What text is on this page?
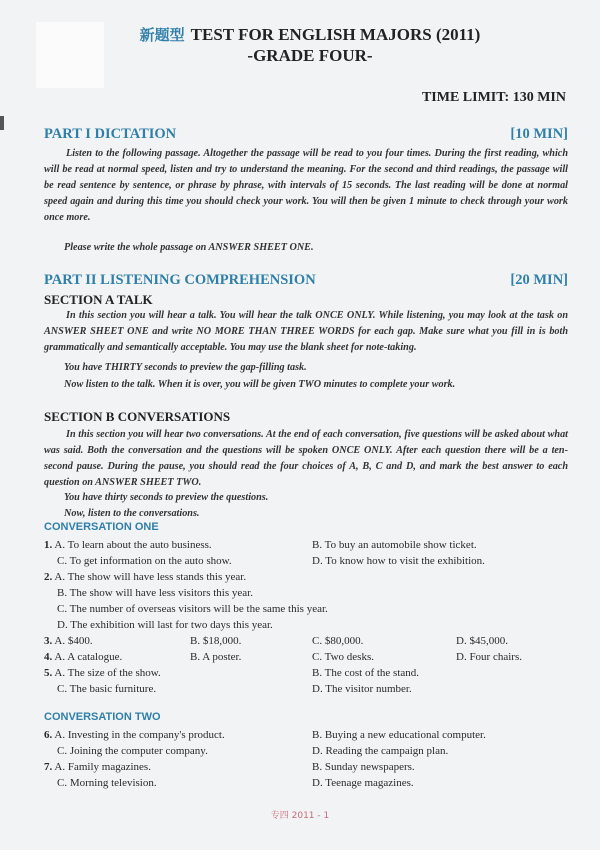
新题型 TEST FOR ENGLISH MAJORS (2011)
-GRADE FOUR-
TIME LIMIT: 130 MIN
PART I DICTATION	[10 MIN]

Listen to the following passage. Altogether the passage will be read to you four times. During the first reading, which will be read at normal speed, listen and try to understand the meaning. For the second and third readings, the passage will be read sentence by sentence, or phrase by phrase, with intervals of 15 seconds. The last reading will be done at normal speed again and during this time you should check your work. You will then be given 1 minute to check through your work once more.

Please write the whole passage on ANSWER SHEET ONE.
PART II LISTENING COMPREHENSION	[20 MIN]
SECTION A TALK

In this section you will hear a talk. You will hear the talk ONCE ONLY. While listening, you may look at the task on ANSWER SHEET ONE and write NO MORE THAN THREE WORDS for each gap. Make sure what you fill in is both grammatically and semantically acceptable. You may use the blank sheet for note-taking.

You have THIRTY seconds to preview the gap-filling task.
Now listen to the talk. When it is over, you will be given TWO minutes to complete your work.
SECTION B CONVERSATIONS

In this section you will hear two conversations. At the end of each conversation, five questions will be asked about what was said. Both the conversation and the questions will be spoken ONCE ONLY. After each question there will be a ten-second pause. During the pause, you should read the four choices of A, B, C and D, and mark the best answer to each question on ANSWER SHEET TWO.

You have thirty seconds to preview the questions.
Now, listen to the conversations.
CONVERSATION ONE
1. A. To learn about the auto business.	B. To buy an automobile show ticket.
C. To get information on the auto show.	D. To know how to visit the exhibition.
2. A. The show will have less stands this year.
B. The show will have less visitors this year.
C. The number of overseas visitors will be the same this year.
D. The exhibition will last for two days this year.
3. A. $400.	B. $18,000.	C. $80,000.	D. $45,000.
4. A. A catalogue.	B. A poster.	C. Two desks.	D. Four chairs.
5. A. The size of the show.	B. The cost of the stand.
C. The basic furniture.	D. The visitor number.
CONVERSATION TWO
6. A. Investing in the company's product.	B. Buying a new educational computer.
C. Joining the computer company.	D. Reading the campaign plan.
7. A. Family magazines.	B. Sunday newspapers.
C. Morning television.	D. Teenage magazines.
专四 2011 - 1
